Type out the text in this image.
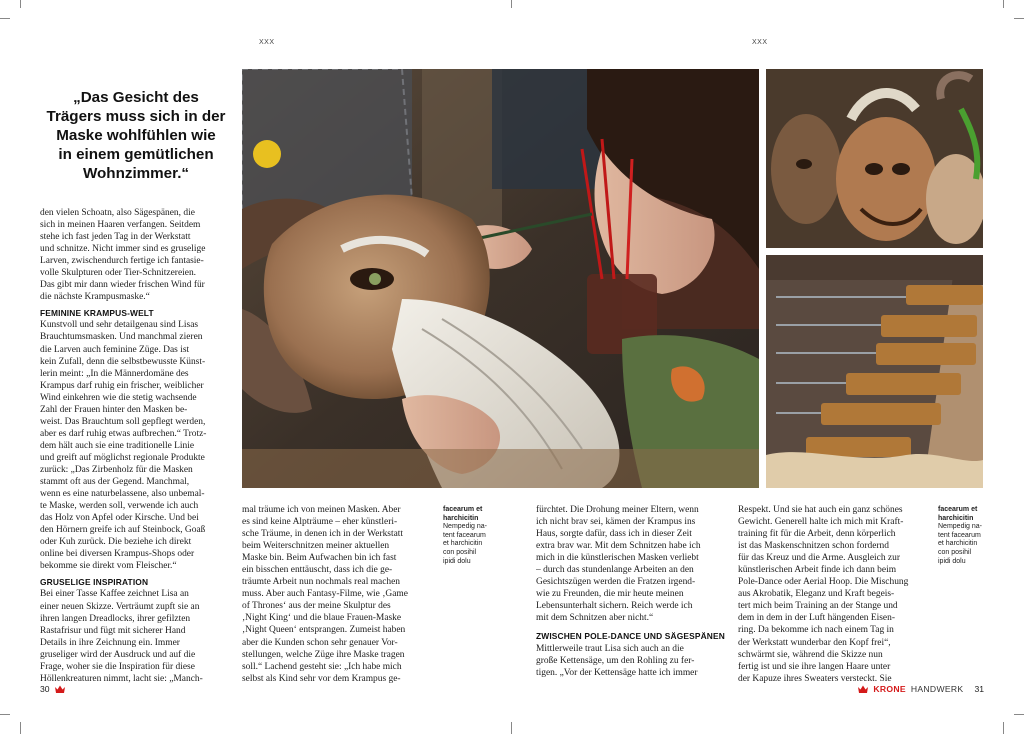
XXX	XXX
„Das Gesicht des
Trägers muss sich in der
Maske wohlfühlen wie
in einem gemütlichen
Wohnzimmer.“
den vielen Schoatn, also Sägespänen, die
sich in meinen Haaren verfangen. Seitdem
stehe ich fast jeden Tag in der Werkstatt
und schnitze. Nicht immer sind es gruselige
Larven, zwischendurch fertige ich fantasie-
volle Skulpturen oder Tier-Schnitzereien.
Das gibt mir dann wieder frischen Wind für
die nächste Krampusmaske.“
FEMININE KRAMPUS-WELT
Kunstvoll und sehr detailgenau sind Lisas
Brauchtumsmasken. Und manchmal zieren
die Larven auch feminine Züge. Das ist
kein Zufall, denn die selbstbewusste Künst-
lerin meint: „In die Männerdomäne des
Krampus darf ruhig ein frischer, weiblicher
Wind einkehren wie die stetig wachsende
Zahl der Frauen hinter den Masken be-
weist. Das Brauchtum soll gepflegt werden,
aber es darf ruhig etwas aufbrechen.“ Trotz-
dem hält auch sie eine traditionelle Linie
und greift auf möglichst regionale Produkte
zurück: „Das Zirbenholz für die Masken
stammt oft aus der Gegend. Manchmal,
wenn es eine naturbelassene, also unbemal-
te Maske, werden soll, verwende ich auch
das Holz von Apfel oder Kirsche. Und bei
den Hörnern greife ich auf Steinbock, Goaß
oder Kuh zurück. Die beziehe ich direkt
online bei diversen Krampus-Shops oder
bekomme sie direkt vom Fleischer.“
GRUSELIGE INSPIRATION
Bei einer Tasse Kaffee zeichnet Lisa an
einer neuen Skizze. Verträumt zupft sie an
ihren langen Dreadlocks, ihrer gefilzten
Rastafrisur und fügt mit sicherer Hand
Details in ihre Zeichnung ein. Immer
gruseliger wird der Ausdruck und auf die
Frage, woher sie die Inspiration für diese
Höllenkreaturen nimmt, lacht sie: „Manch-
mal träume ich von meinen Masken. Aber
es sind keine Alpträume – eher künstleri-
sche Träume, in denen ich in der Werkstatt
beim Weiterschnitzen meiner aktuellen
Maske bin. Beim Aufwachen bin ich fast
ein bisschen enttäuscht, dass ich die ge-
träumte Arbeit nun nochmals real machen
muss. Aber auch Fantasy-Filme, wie ‚Game
of Thrones‘ aus der meine Skulptur des
‚Night King‘ und die blaue Frauen-Maske
‚Night Queen‘ entsprangen. Zumeist haben
aber die Kunden schon sehr genauer Vor-
stellungen, welche Züge ihre Maske tragen
soll.“ Lachend gesteht sie: „Ich habe mich
selbst als Kind sehr vor dem Krampus ge-
facearum et
harchicitin
Nempedig na-
tent facearum
et harchicitin
con posihil
ipidi dolu
fürchtet. Die Drohung meiner Eltern, wenn
ich nicht brav sei, kämen der Krampus ins
Haus, sorgte dafür, dass ich in dieser Zeit
extra brav war. Mit dem Schnitzen habe ich
mich in die künstlerischen Masken verliebt
– durch das stundenlange Arbeiten an den
Gesichtszügen werden die Fratzen irgend-
wie zu Freunden, die mir heute meinen
Lebensunterhalt sichern. Reich werde ich
mit dem Schnitzen aber nicht.“
ZWISCHEN POLE-DANCE UND SÄGESPÄNEN
Mittlerweile traut Lisa sich auch an die
große Kettensäge, um den Rohling zu fer-
tigen. „Vor der Kettensäge hatte ich immer
Respekt. Und sie hat auch ein ganz schönes
Gewicht. Generell halte ich mich mit Kraft-
training fit für die Arbeit, denn körperlich
ist das Maskenschnitzen schon fordernd
für das Kreuz und die Arme. Ausgleich zur
künstlerischen Arbeit finde ich dann beim
Pole-Dance oder Aerial Hoop. Die Mischung
aus Akrobatik, Eleganz und Kraft begeis-
tert mich beim Training an der Stange und
dem in dem in der Luft hängenden Eisen-
ring. Da bekomme ich nach einem Tag in
der Werkstatt wunderbar den Kopf frei“,
schwärmt sie, während die Skizze nun
fertig ist und sie ihre langen Haare unter
der Kapuze ihres Sweaters versteckt. Sie
facearum et
harchicitin
Nempedig na-
tent facearum
et harchicitin
con posihil
ipidi dolu
30	KRONE HANDWERK 31
